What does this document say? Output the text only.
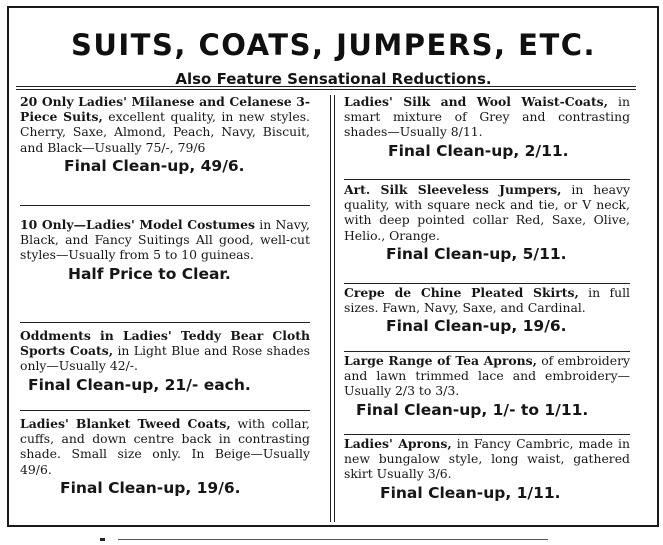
SUITS, COATS, JUMPERS, ETC.
Also Feature Sensational Reductions.

20 Only Ladies' Milanese and Celanese 3-Piece Suits, excellent quality, in new styles. Cherry, Saxe, Almond, Peach, Navy, Biscuit, and Black—Usually 75/-, 79/6

Final Clean-up, 49/6.

10 Only—Ladies' Model Costumes in Navy, Black, and Fancy Suitings All good, well-cut styles—Usually from 5 to 10 guineas.

Half Price to Clear.

Oddments in Ladies' Teddy Bear Cloth Sports Coats, in Light Blue and Rose shades only—Usually 42/-.

Final Clean-up, 21/- each.

Ladies' Blanket Tweed Coats, with collar, cuffs, and down centre back in contrasting shade. Small size only. In Beige—Usually 49/6.

Final Clean-up, 19/6.

Ladies' Silk and Wool Waist-Coats, in smart mixture of Grey and contrasting shades—Usually 8/11.

Final Clean-up, 2/11.

Art. Silk Sleeveless Jumpers, in heavy quality, with square neck and tie, or V neck, with deep pointed collar Red, Saxe, Olive, Helio., Orange.

Final Clean-up, 5/11.

Crepe de Chine Pleated Skirts, in full sizes. Fawn, Navy, Saxe, and Cardinal.

Final Clean-up, 19/6.

Large Range of Tea Aprons, of embroidery and lawn trimmed lace and embroidery—Usually 2/3 to 3/3.

Final Clean-up, 1/- to 1/11.

Ladies' Aprons, in Fancy Cambric, made in new bungalow style, long waist, gathered skirt Usually 3/6.

Final Clean-up, 1/11.
